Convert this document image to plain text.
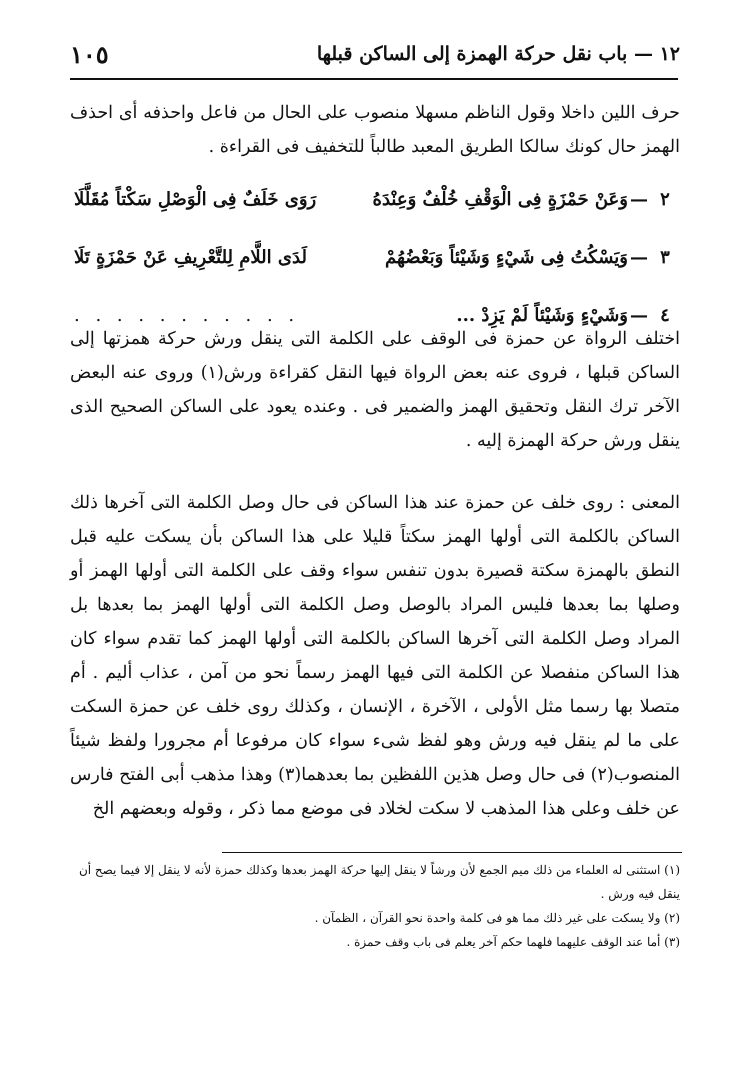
١٢ — باب نقل حركة الهمزة إلى الساكن قبلها
١٠٥

حرف اللين داخلا وقول الناظم مسهلا منصوب على الحال من فاعل واحذفه أى احذف الهمز حال كونك سالكا الطريق المعبد طالباً للتخفيف فى القراءة .

٢
—
وَعَنْ حَمْزَةٍ فِى الْوَقْفِ خُلْفٌ وَعِنْدَهُ
رَوَى خَلَفٌ فِى الْوَصْلِ سَكْتاً مُقَلَّلَا
٣
—
وَيَسْكُتُ فِى شَيْءٍ وَشَيْئاً وَبَعْضُهُمْ
لَدَى اللَّامِ لِلتَّعْرِيفِ عَنْ حَمْزَةٍ تَلَا
٤
—
وَشَيْءٍ وَشَيْئاً لَمْ يَزِدْ ...
. . . . . . . . . . .

اختلف الرواة عن حمزة فى الوقف على الكلمة التى ينقل ورش حركة همزتها إلى الساكن قبلها ، فروى عنه بعض الرواة فيها النقل كقراءة ورش(١) وروى عنه البعض الآخر ترك النقل وتحقيق الهمز والضمير فى . وعنده يعود على الساكن الصحيح الذى ينقل ورش حركة الهمزة إليه .

المعنى : روى خلف عن حمزة عند هذا الساكن فى حال وصل الكلمة التى آخرها ذلك الساكن بالكلمة التى أولها الهمز سكتاً قليلا على هذا الساكن بأن يسكت عليه قبل النطق بالهمزة سكتة قصيرة بدون تنفس سواء وقف على الكلمة التى أولها الهمز أو وصلها بما بعدها فليس المراد بالوصل وصل الكلمة التى أولها الهمز بما بعدها بل المراد وصل الكلمة التى آخرها الساكن بالكلمة التى أولها الهمز كما تقدم سواء كان هذا الساكن منفصلا عن الكلمة التى فيها الهمز رسماً نحو من آمن ، عذاب أليم . أم متصلا بها رسما مثل الأولى ، الآخرة ، الإنسان ، وكذلك روى خلف عن حمزة السكت على ما لم ينقل فيه ورش وهو لفظ شىء سواء كان مرفوعا أم مجرورا ولفظ شيئاً المنصوب(٢) فى حال وصل هذين اللفظين بما بعدهما(٣) وهذا مذهب أبى الفتح فارس عن خلف وعلى هذا المذهب لا سكت لخلاد فى موضع مما ذكر ، وقوله وبعضهم الخ

(١) استثنى له العلماء من ذلك ميم الجمع لأن ورشاً لا ينقل إليها حركة الهمز بعدها وكذلك حمزة لأنه لا ينقل إلا فيما يصح أن ينقل فيه ورش .

(٢) ولا يسكت على غير ذلك مما هو فى كلمة واحدة نحو القرآن ، الظمآن .

(٣) أما عند الوقف عليهما فلهما حكم آخر يعلم فى باب وقف حمزة .
